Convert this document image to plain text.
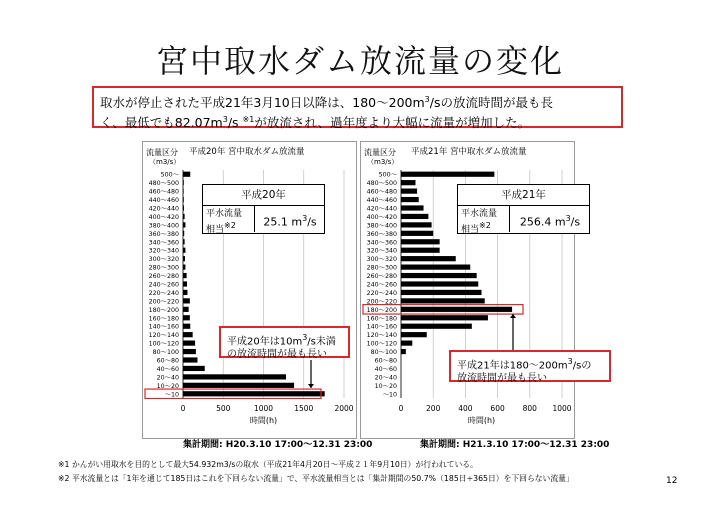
宮中取水ダム放流量の変化
取水が停止された平成21年3月10日以降は、$180\sim 200m^3/s$の放流時間が最も長
く、最低でも$82.07m^3/s$ $^{※1}$が放流され、過年度より大幅に流量が増加した。
平成20年 宮中取水ダム放流量
流量区分
（m3/s）
0	500	1000	1500	2000
時間(h)
500～
480～500
460～480
440～460
420～440
400～420
380～400
360～380
340～360
320～340
300～320
280～300
260～280
240～260
220～240
200～220
180～200
160～180
140～160
120～140
100～120
80～100
60～80
40～60
20～40
10～20
～10
集計期間: H20.3.10 17:00～12.31 23:00
平成21年 宮中取水ダム放流量
流量区分
（m3/s）
0	200 400 600 800 1000
時間(h)
500～
480～500
460～480
440～460
420～440
400～420
380～400
360～380
340～360
320～340
300～320
280～300
260～280
240～260
220～240
200～220
180～200
160～180
140～160
120～140
100～120
80～100
60～80
40～60
20～40
10～20
～10
集計期間: H21.3.10 17:00～12.31 23:00
平成20年
平水流量
相当$^{※2}$	25.1 $m^3/s$
平成21年
平水流量
相当$^{※2}$	256.4 $m^3/s$
平成20年は$10m^3/s$未満
の放流時間が最も長い
平成21年は$180\sim 200m^3/s$の
放流時間が最も長い
※1 かんがい用取水を目的として最大54.932m3/sの取水（平成21年4月20日～平成２１年9月10日）が行われている。
※2 平水流量とは「1年を通じて185日はこれを下回らない流量」で、平水流量相当とは「集計期間の50.7%（185日÷365日）を下回らない流量」	12
